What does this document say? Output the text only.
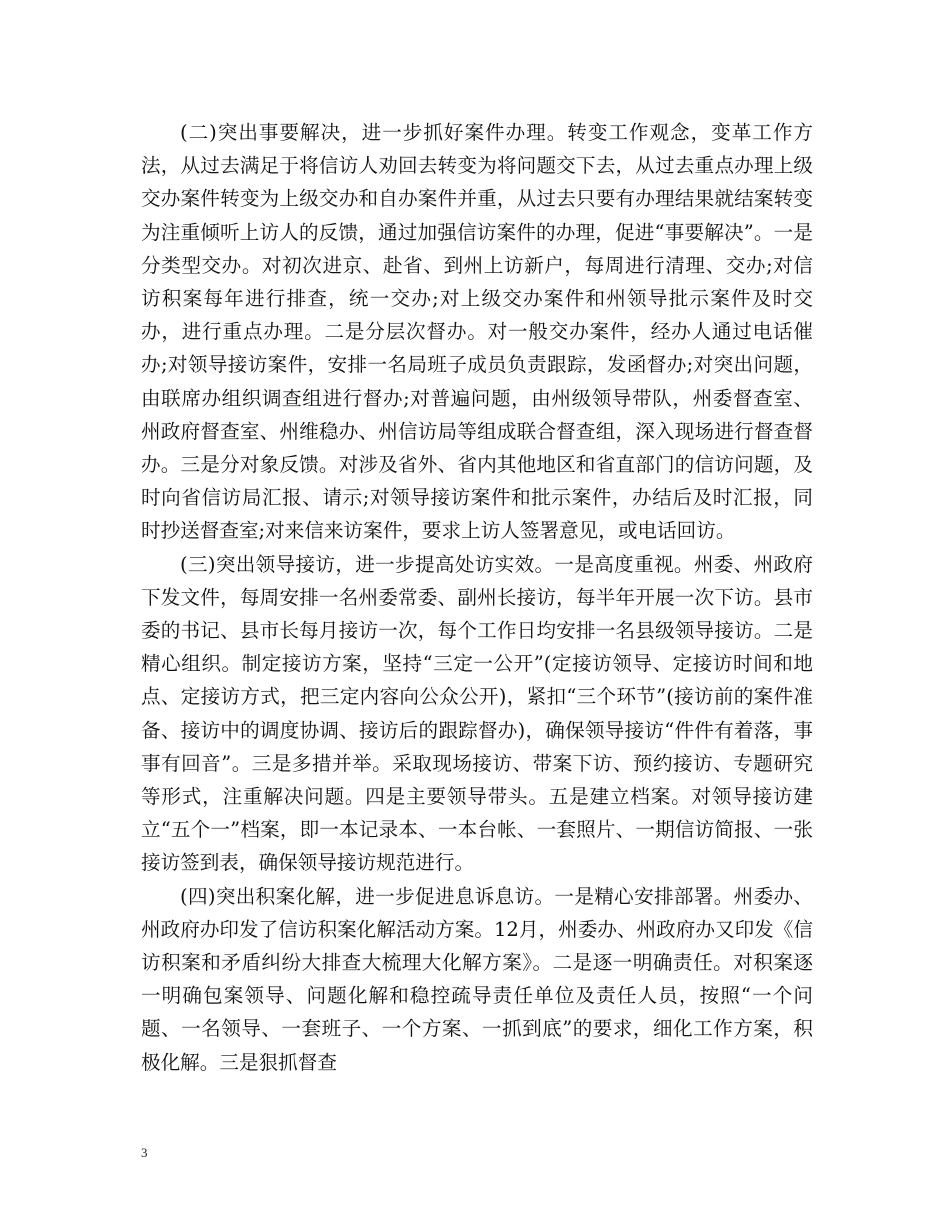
(二)突出事要解决，进一步抓好案件办理。转变工作观念，变革工作方法，从过去满足于将信访人劝回去转变为将问题交下去，从过去重点办理上级交办案件转变为上级交办和自办案件并重，从过去只要有办理结果就结案转变为注重倾听上访人的反馈，通过加强信访案件的办理，促进“事要解决”。一是分类型交办。对初次进京、赴省、到州上访新户，每周进行清理、交办;对信访积案每年进行排查，统一交办;对上级交办案件和州领导批示案件及时交办，进行重点办理。二是分层次督办。对一般交办案件，经办人通过电话催办;对领导接访案件，安排一名局班子成员负责跟踪，发函督办;对突出问题，由联席办组织调查组进行督办;对普遍问题，由州级领导带队，州委督查室、州政府督查室、州维稳办、州信访局等组成联合督查组，深入现场进行督查督办。三是分对象反馈。对涉及省外、省内其他地区和省直部门的信访问题，及时向省信访局汇报、请示;对领导接访案件和批示案件，办结后及时汇报，同时抄送督查室;对来信来访案件，要求上访人签署意见，或电话回访。

(三)突出领导接访，进一步提高处访实效。一是高度重视。州委、州政府下发文件，每周安排一名州委常委、副州长接访，每半年开展一次下访。县市委的书记、县市长每月接访一次，每个工作日均安排一名县级领导接访。二是精心组织。制定接访方案，坚持“三定一公开”(定接访领导、定接访时间和地点、定接访方式，把三定内容向公众公开)，紧扣“三个环节”(接访前的案件准备、接访中的调度协调、接访后的跟踪督办)，确保领导接访“件件有着落，事事有回音”。三是多措并举。采取现场接访、带案下访、预约接访、专题研究等形式，注重解决问题。四是主要领导带头。五是建立档案。对领导接访建立“五个一”档案，即一本记录本、一本台帐、一套照片、一期信访简报、一张接访签到表，确保领导接访规范进行。

(四)突出积案化解，进一步促进息诉息访。一是精心安排部署。州委办、州政府办印发了信访积案化解活动方案。12月，州委办、州政府办又印发《信访积案和矛盾纠纷大排查大梳理大化解方案》。二是逐一明确责任。对积案逐一明确包案领导、问题化解和稳控疏导责任单位及责任人员，按照“一个问题、一名领导、一套班子、一个方案、一抓到底”的要求，细化工作方案，积极化解。三是狠抓督查

3
